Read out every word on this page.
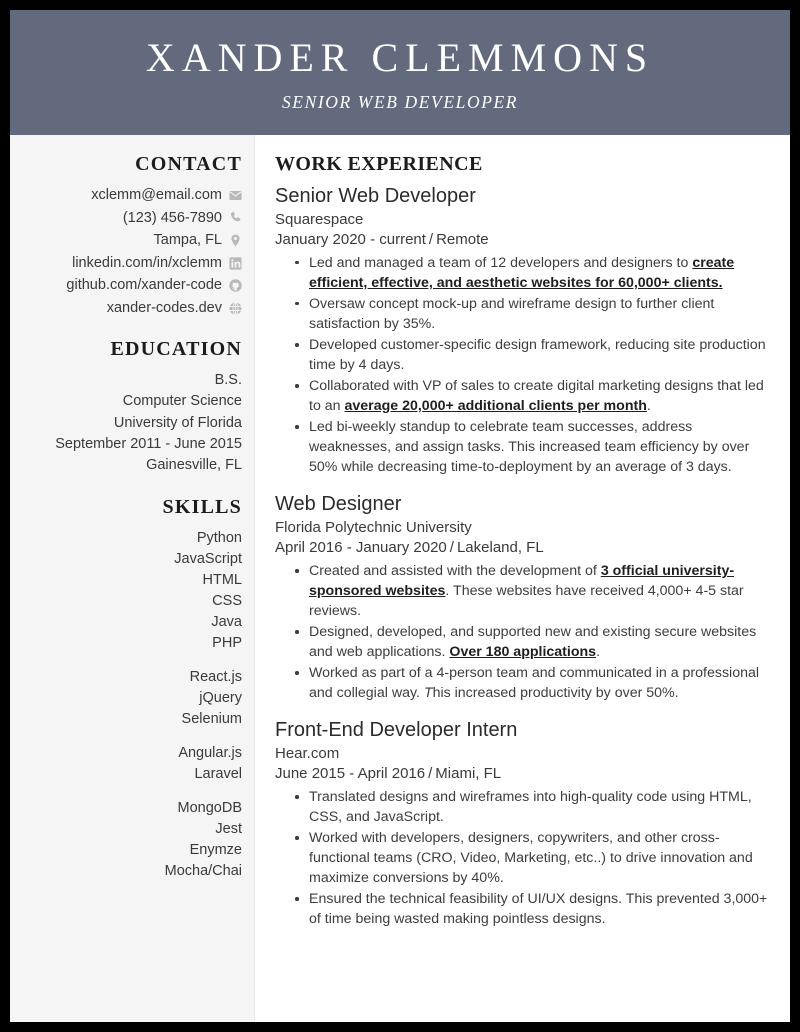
XANDER CLEMMONS
SENIOR WEB DEVELOPER
CONTACT
xclemm@email.com
(123) 456-7890
Tampa, FL
linkedin.com/in/xclemm
github.com/xander-code
xander-codes.dev
EDUCATION
B.S.
Computer Science
University of Florida
September 2011 - June 2015
Gainesville, FL
SKILLS
Python
JavaScript
HTML
CSS
Java
PHP
React.js
jQuery
Selenium
Angular.js
Laravel
MongoDB
Jest
Enymze
Mocha/Chai
WORK EXPERIENCE
Senior Web Developer
Squarespace
January 2020 - current / Remote
Led and managed a team of 12 developers and designers to create efficient, effective, and aesthetic websites for 60,000+ clients.
Oversaw concept mock-up and wireframe design to further client satisfaction by 35%.
Developed customer-specific design framework, reducing site production time by 4 days.
Collaborated with VP of sales to create digital marketing designs that led to an average 20,000+ additional clients per month.
Led bi-weekly standup to celebrate team successes, address weaknesses, and assign tasks. This increased team efficiency by over 50% while decreasing time-to-deployment by an average of 3 days.
Web Designer
Florida Polytechnic University
April 2016 - January 2020 / Lakeland, FL
Created and assisted with the development of 3 official university-sponsored websites. These websites have received 4,000+ 4-5 star reviews.
Designed, developed, and supported new and existing secure websites and web applications. Over 180 applications.
Worked as part of a 4-person team and communicated in a professional and collegial way. This increased productivity by over 50%.
Front-End Developer Intern
Hear.com
June 2015 - April 2016 / Miami, FL
Translated designs and wireframes into high-quality code using HTML, CSS, and JavaScript.
Worked with developers, designers, copywriters, and other cross-functional teams (CRO, Video, Marketing, etc..) to drive innovation and maximize conversions by 40%.
Ensured the technical feasibility of UI/UX designs. This prevented 3,000+ of time being wasted making pointless designs.
